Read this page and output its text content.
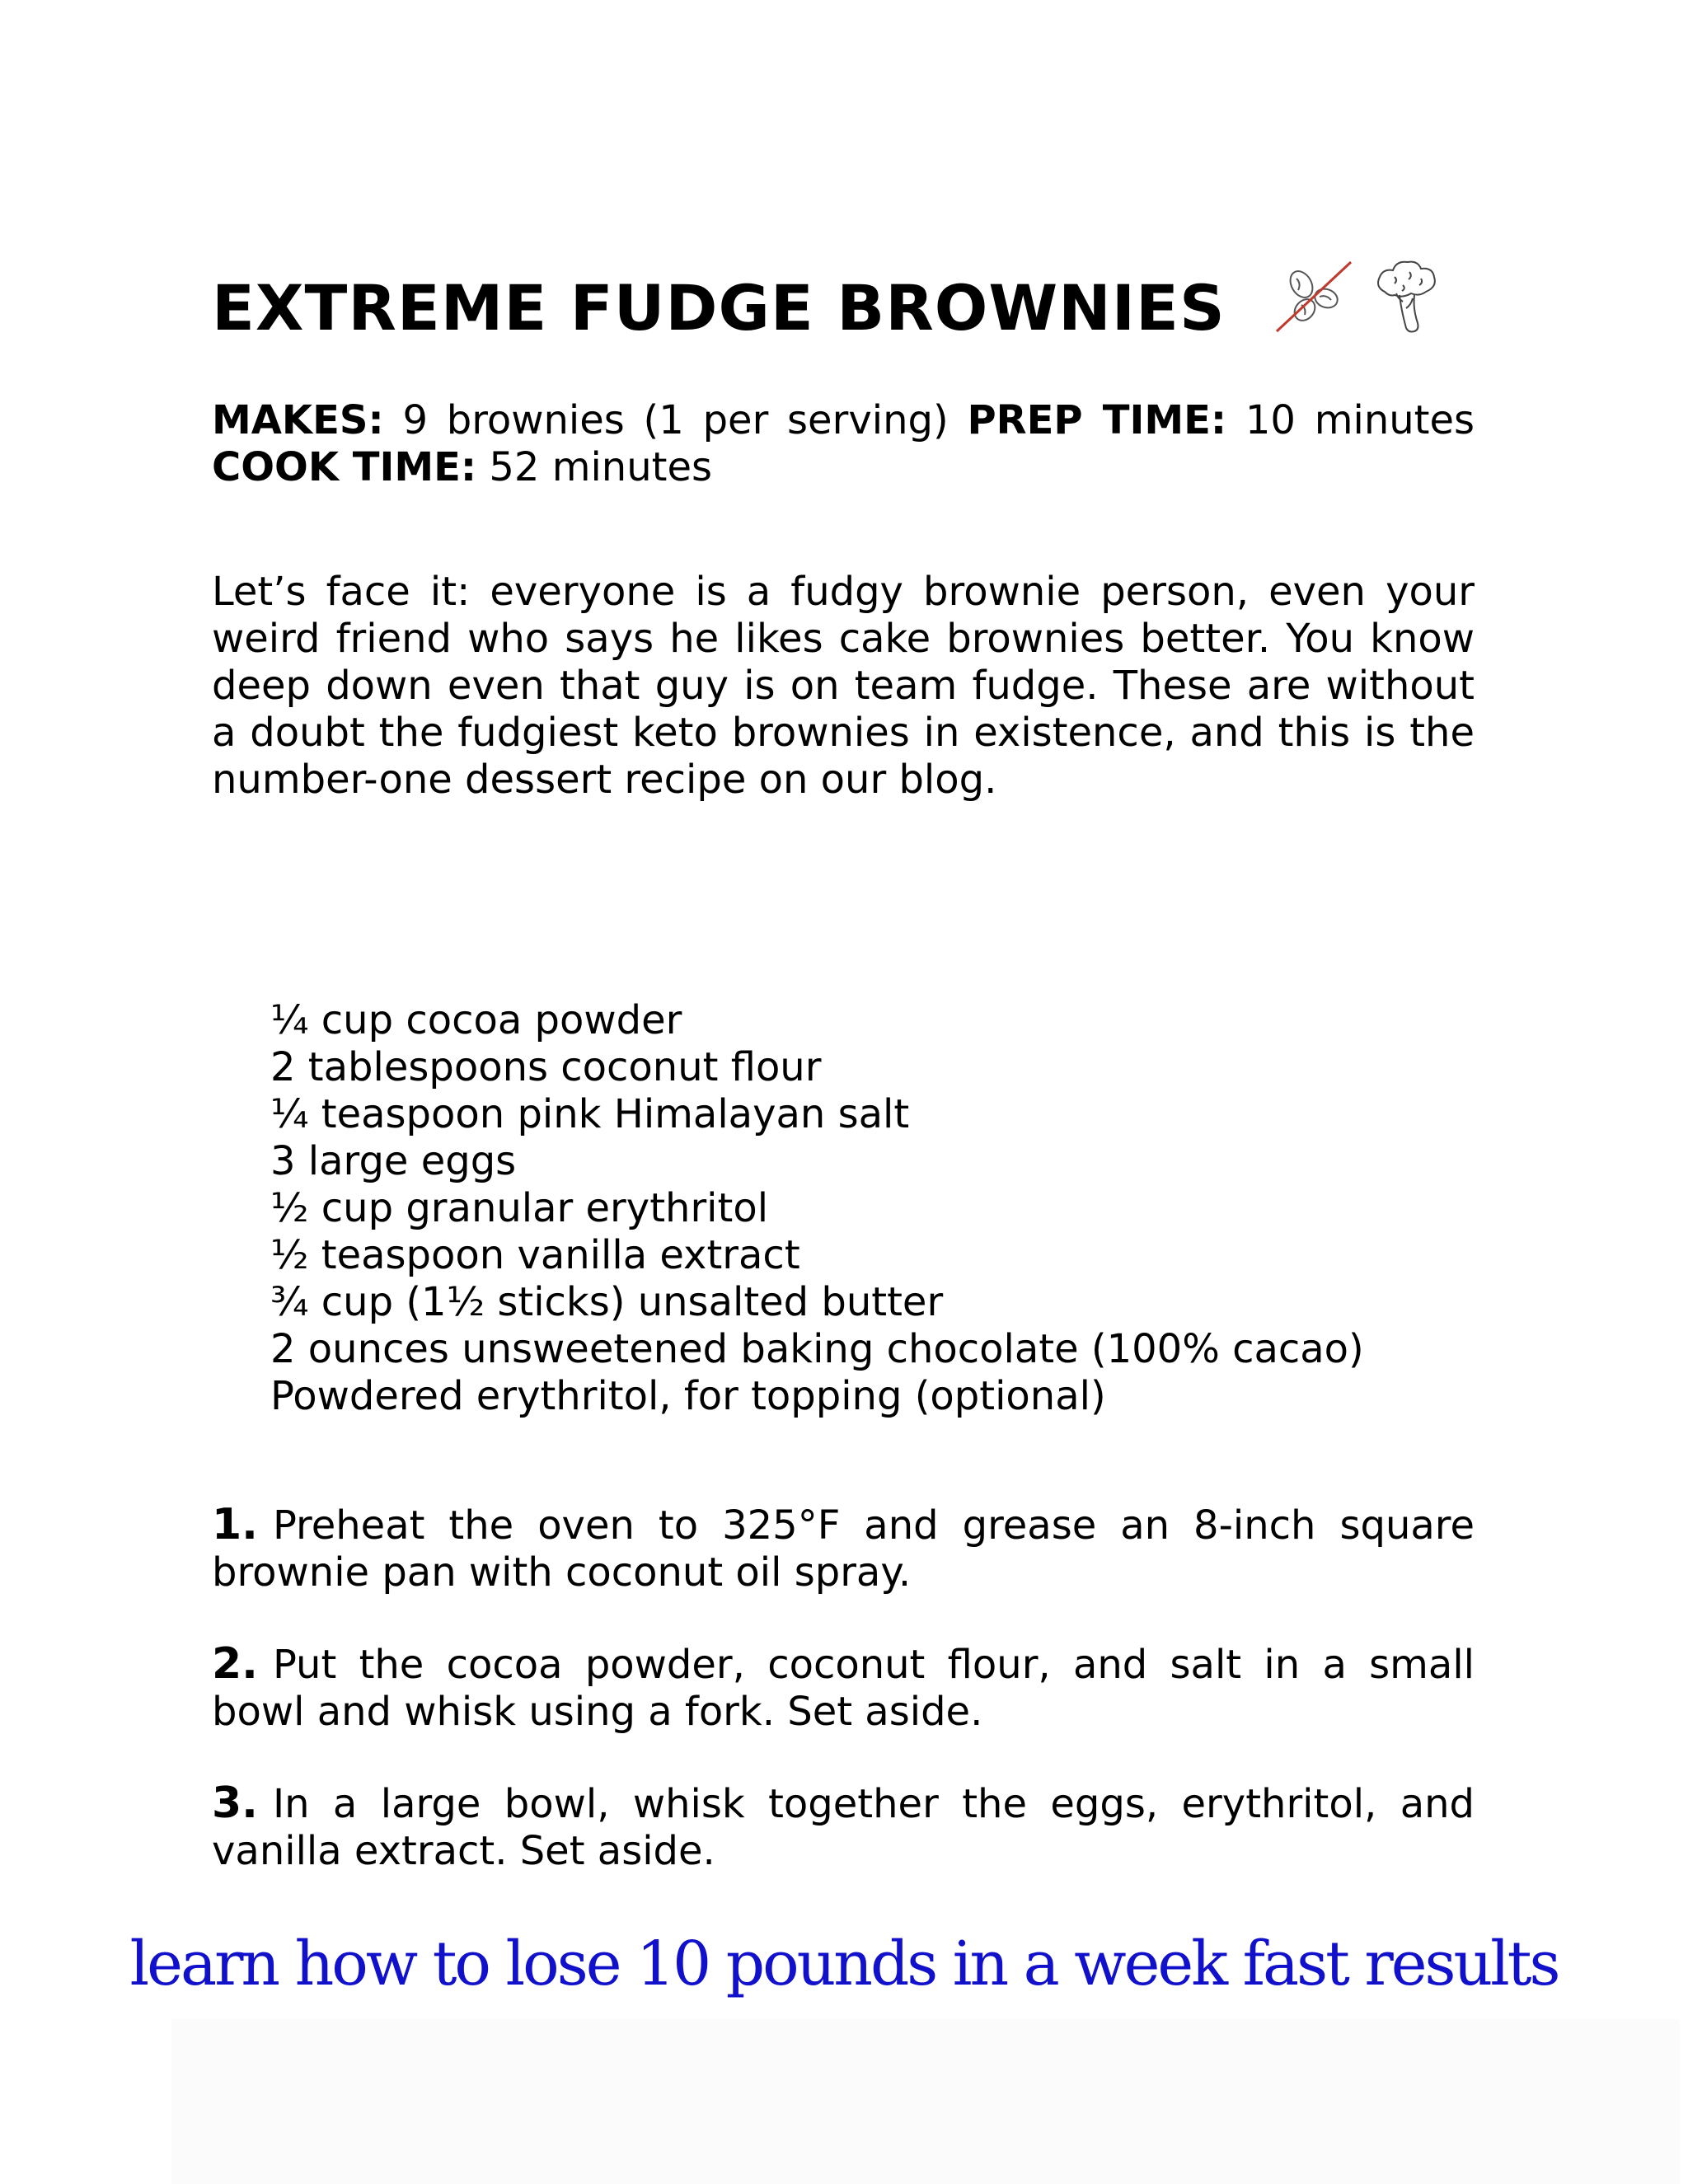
EXTREME FUDGE BROWNIES
MAKES: 9 brownies (1 per serving) PREP TIME: 10 minutes COOK TIME: 52 minutes

Let’s face it: everyone is a fudgy brownie person, even your weird friend who says he likes cake brownies better. You know deep down even that guy is on team fudge. These are without a doubt the fudgiest keto brownies in existence, and this is the number-one dessert recipe on our blog.

¼ cup cocoa powder
2 tablespoons coconut flour
¼ teaspoon pink Himalayan salt
3 large eggs
½ cup granular erythritol
½ teaspoon vanilla extract
¾ cup (1½ sticks) unsalted butter
2 ounces unsweetened baking chocolate (100% cacao)
Powdered erythritol, for topping (optional)

1. Preheat the oven to 325°F and grease an 8-inch square brownie pan with coconut oil spray.

2. Put the cocoa powder, coconut flour, and salt in a small bowl and whisk using a fork. Set aside.

3. In a large bowl, whisk together the eggs, erythritol, and vanilla extract. Set aside.

learn how to lose 10 pounds in a week fast results
